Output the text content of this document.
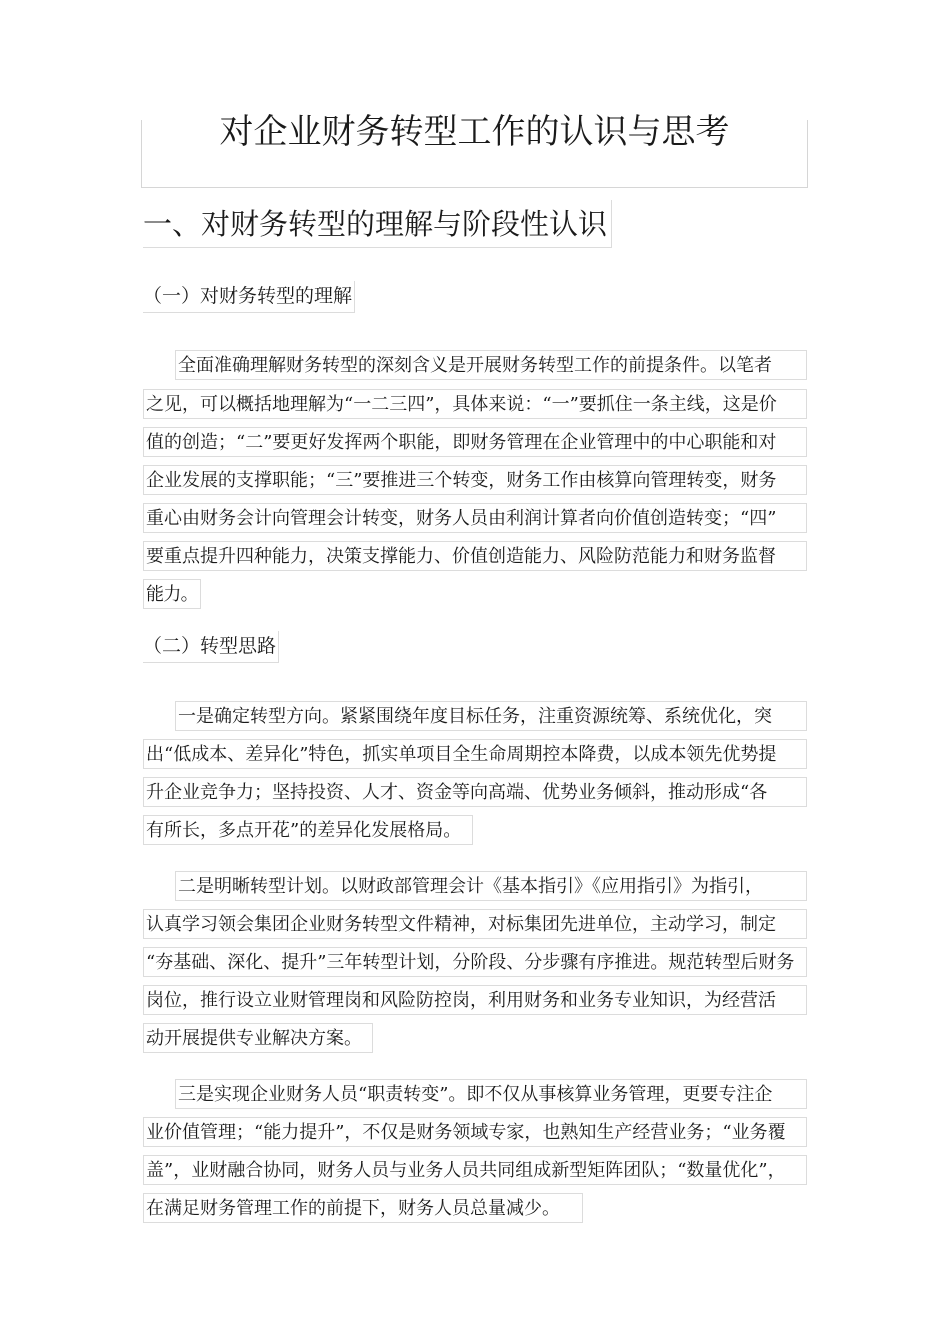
对企业财务转型工作的认识与思考
一、对财务转型的理解与阶段性认识
（一）对财务转型的理解
全面准确理解财务转型的深刻含义是开展财务转型工作的前提条件。以笔者
之见，可以概括地理解为“一二三四”，具体来说：“一”要抓住一条主线，这是价
值的创造；“二”要更好发挥两个职能，即财务管理在企业管理中的中心职能和对
企业发展的支撑职能；“三”要推进三个转变，财务工作由核算向管理转变，财务
重心由财务会计向管理会计转变，财务人员由利润计算者向价值创造转变；“四”
要重点提升四种能力，决策支撑能力、价值创造能力、风险防范能力和财务监督
能力。
（二）转型思路
一是确定转型方向。紧紧围绕年度目标任务，注重资源统筹、系统优化，突
出“低成本、差异化”特色，抓实单项目全生命周期控本降费，以成本领先优势提
升企业竞争力；坚持投资、人才、资金等向高端、优势业务倾斜，推动形成“各
有所长，多点开花”的差异化发展格局。
二是明晰转型计划。以财政部管理会计《基本指引》《应用指引》为指引，
认真学习领会集团企业财务转型文件精神，对标集团先进单位，主动学习，制定
“夯基础、深化、提升”三年转型计划，分阶段、分步骤有序推进。规范转型后财务
岗位，推行设立业财管理岗和风险防控岗，利用财务和业务专业知识，为经营活
动开展提供专业解决方案。
三是实现企业财务人员“职责转变”。即不仅从事核算业务管理，更要专注企
业价值管理；“能力提升”，不仅是财务领域专家，也熟知生产经营业务；“业务覆
盖”，业财融合协同，财务人员与业务人员共同组成新型矩阵团队；“数量优化”，
在满足财务管理工作的前提下，财务人员总量减少。
